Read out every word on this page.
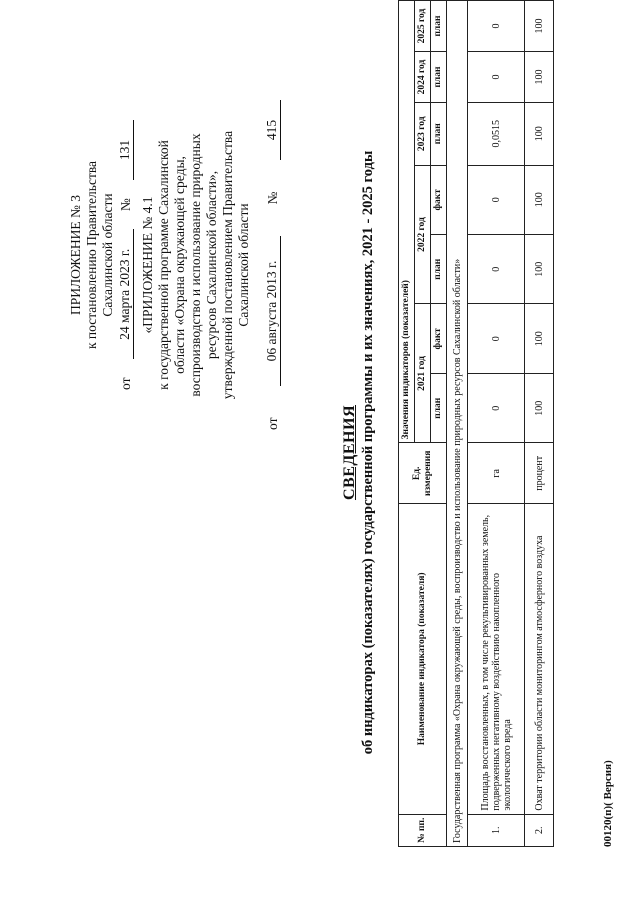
ПРИЛОЖЕНИЕ № 3 к постановлению Правительства Сахалинской области
от
24 марта 2023 г.
№
131
«ПРИЛОЖЕНИЕ № 4.1 к государственной программе Сахалинской области «Охрана окружающей среды, воспроизводство и использование природных ресурсов Сахалинской области», утвержденной постановлением Правительства Сахалинской области
от
06 августа 2013 г.
№
415
СВЕДЕНИЯ об индикаторах (показателях) государственной программы и их значениях, 2021 - 2025 годы
№ пп.	Наименование индикатора (показателя)	Ед. измерения	Значения индикаторов (показателей)						
			2021 год		2022 год		2023 год	2024 год	2025 год
			план	факт	план	факт	план	план	план
Государственная программа «Охрана окружающей среды, воспроизводство и использование природных ресурсов Сахалинской области»									
1.	Площадь восстановленных, в том числе рекультивированных земель, подверженных негативному воздействию накопленного экологического вреда	га	0	0	0	0	0,0515	0	0
2.	Охват территории области мониторингом атмосферного воздуха	процент	100	100	100	100	100	100	100
00120(п)( Версия)
